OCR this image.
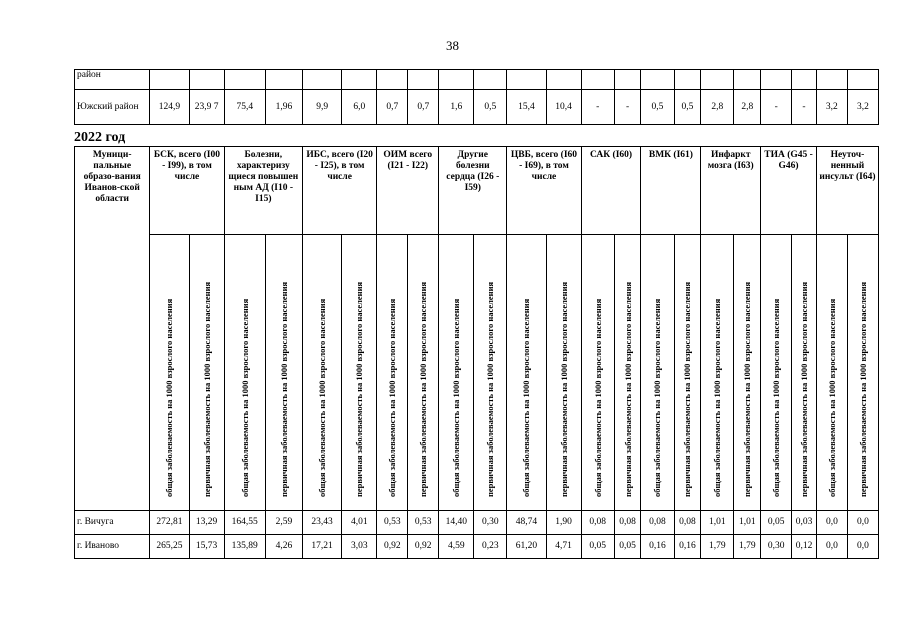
38
район																						
Южский район	124,9	23,9 7	75,4	1,96	9,9	6,0	0,7	0,7	1,6	0,5	15,4	10,4	-	-	0,5	0,5	2,8	2,8	-	-	3,2	3,2
2022 год
Муници-пальные образо-вания Иванов-ской области	БСК, всего (I00 - I99), в том числе		Болезни, характеризу щиеся повышен ным АД (I10 - I15)		ИБС, всего (I20 - I25), в том числе		ОИМ всего (I21 - I22)		Другие болезни сердца (I26 - I59)		ЦВБ, всего (I60 - I69), в том числе		САК (I60)		ВМК (I61)		Инфаркт мозга (I63)		ТИА (G45 - G46)		Неуточ-ненный инсульт (I64)	

	общая заболеваемость на 1000 взрослого населения	первичная заболеваемость на 1000 взрослого населения	общая заболеваемость на 1000 взрослого населения	первичная заболеваемость на 1000 взрослого населения	общая заболеваемость на 1000 взрослого населения	первичная заболеваемость на 1000 взрослого населения	общая заболеваемость на 1000 взрослого населения	первичная заболеваемость на 1000 взрослого населения	общая заболеваемость на 1000 взрослого населения	первичная заболеваемость на 1000 взрослого населения	общая заболеваемость на 1000 взрослого населения	первичная заболеваемость на 1000 взрослого населения	общая заболеваемость на 1000 взрослого населения	первичная заболеваемость на 1000 взрослого населения	общая заболеваемость на 1000 взрослого населения	первичная заболеваемость на 1000 взрослого населения	общая заболеваемость на 1000 взрослого населения	первичная заболеваемость на 1000 взрослого населения	общая заболеваемость на 1000 взрослого населения	первичная заболеваемость на 1000 взрослого населения	общая заболеваемость на 1000 взрослого населения	первичная заболеваемость на 1000 взрослого населения

г. Вичуга	272,81	13,29	164,55	2,59	23,43	4,01	0,53	0,53	14,40	0,30	48,74	1,90	0,08	0,08	0,08	0,08	1,01	1,01	0,05	0,03	0,0	0,0
г. Иваново	265,25	15,73	135,89	4,26	17,21	3,03	0,92	0,92	4,59	0,23	61,20	4,71	0,05	0,05	0,16	0,16	1,79	1,79	0,30	0,12	0,0	0,0
